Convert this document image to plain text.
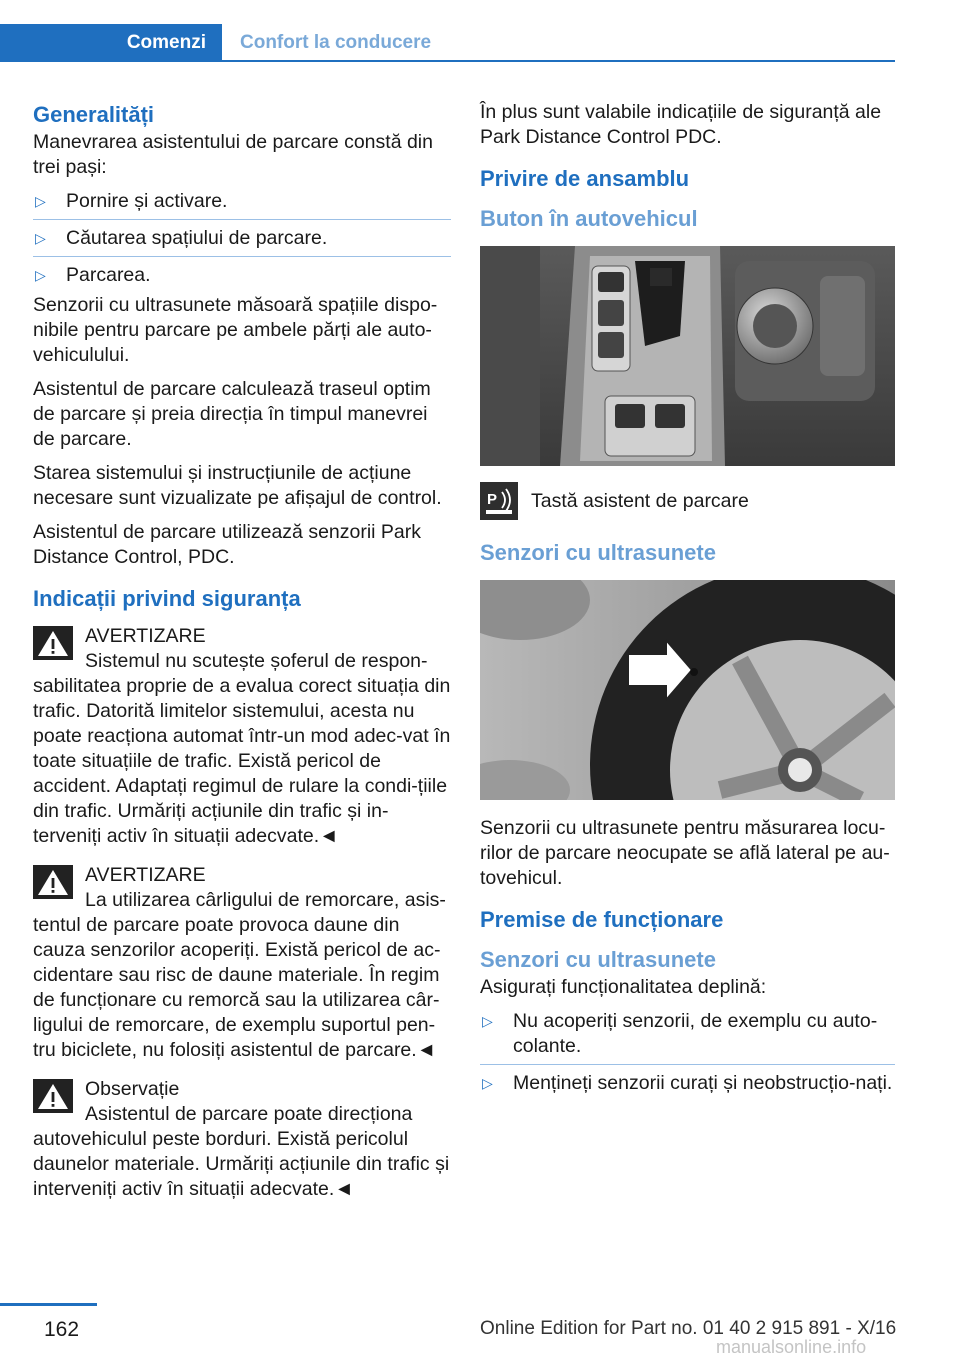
Comenzi	Confort la conducere
Generalități

Manevrarea asistentului de parcare constă din trei pași:

▷ Pornire și activare.
▷ Căutarea spațiului de parcare.
▷ Parcarea.

Senzorii cu ultrasunete măsoară spațiile dispo-nibile pentru parcare pe ambele părți ale auto-vehiculului.

Asistentul de parcare calculează traseul optim de parcare și preia direcția în timpul manevrei de parcare.

Starea sistemului și instrucțiunile de acțiune necesare sunt vizualizate pe afișajul de control.

Asistentul de parcare utilizează senzorii Park Distance Control, PDC.

Indicații privind siguranța
AVERTIZARE
Sistemul nu scutește șoferul de respon-sabilitatea proprie de a evalua corect situația din trafic. Datorită limitelor sistemului, acesta nu poate reacționa automat într-un mod adec-vat în toate situațiile de trafic. Există pericol de accident. Adaptați regimul de rulare la condi-țiile din trafic. Urmăriți acțiunile din trafic și in-terveniți activ în situații adecvate.◄
AVERTIZARE
La utilizarea cârligului de remorcare, asis-tentul de parcare poate provoca daune din cauza senzorilor acoperiți. Există pericol de ac-cidentare sau risc de daune materiale. În regim de funcționare cu remorcă sau la utilizarea câr-ligului de remorcare, de exemplu suportul pen-tru biciclete, nu folosiți asistentul de parcare.◄
Observație
Asistentul de parcare poate direcționa autovehiculul peste borduri. Există pericolul daunelor materiale. Urmăriți acțiunile din trafic și interveniți activ în situații adecvate.◄

În plus sunt valabile indicațiile de siguranță ale Park Distance Control PDC.

Privire de ansamblu
Buton în autovehicul
P Tastă asistent de parcare
Senzori cu ultrasunete

Senzorii cu ultrasunete pentru măsurarea locu-rilor de parcare neocupate se află lateral pe au-tovehicul.

Premise de funcționare
Senzori cu ultrasunete

Asigurați funcționalitatea deplină:

▷ Nu acoperiți senzorii, de exemplu cu auto-colante.
▷ Mențineți senzorii curați și neobstrucțio-nați.
162	Online Edition for Part no. 01 40 2 915 891 - X/16
manualsonline.info
